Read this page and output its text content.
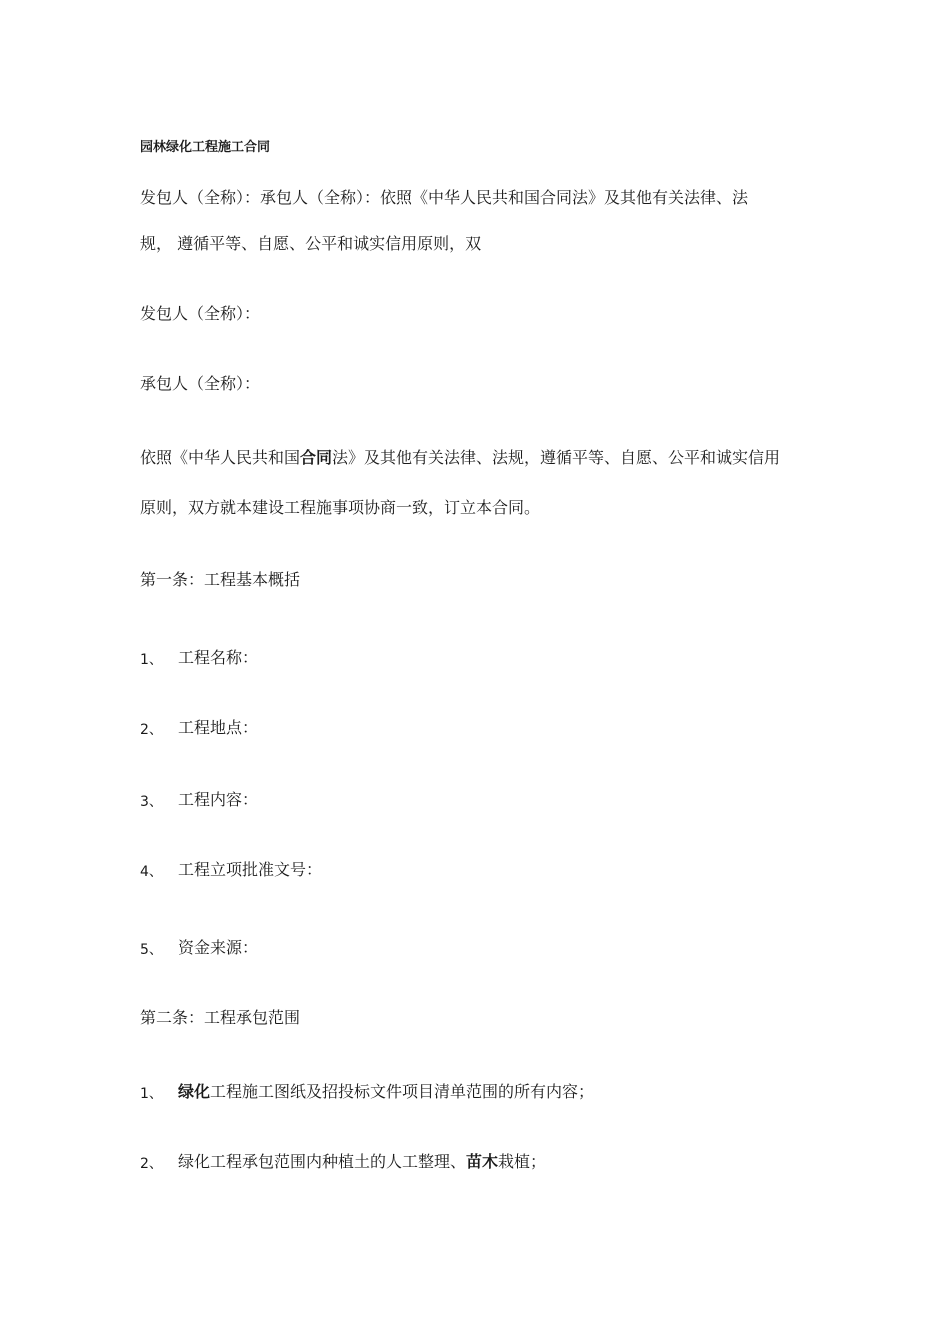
园林绿化工程施工合同
发包人（全称）：承包人（全称）：依照《中华人民共和国合同法》及其他有关法律、法
规， 遵循平等、自愿、公平和诚实信用原则，双
发包人（全称）：
承包人（全称）：
依照《中华人民共和国合同法》及其他有关法律、法规，遵循平等、自愿、公平和诚实信用
原则，双方就本建设工程施事项协商一致，订立本合同。
第一条：工程基本概括
1、 工程名称：
2、 工程地点：
3、 工程内容：
4、 工程立项批准文号：
5、 资金来源：
第二条：工程承包范围
1、 绿化工程施工图纸及招投标文件项目清单范围的所有内容；
2、 绿化工程承包范围内种植土的人工整理、苗木栽植；
